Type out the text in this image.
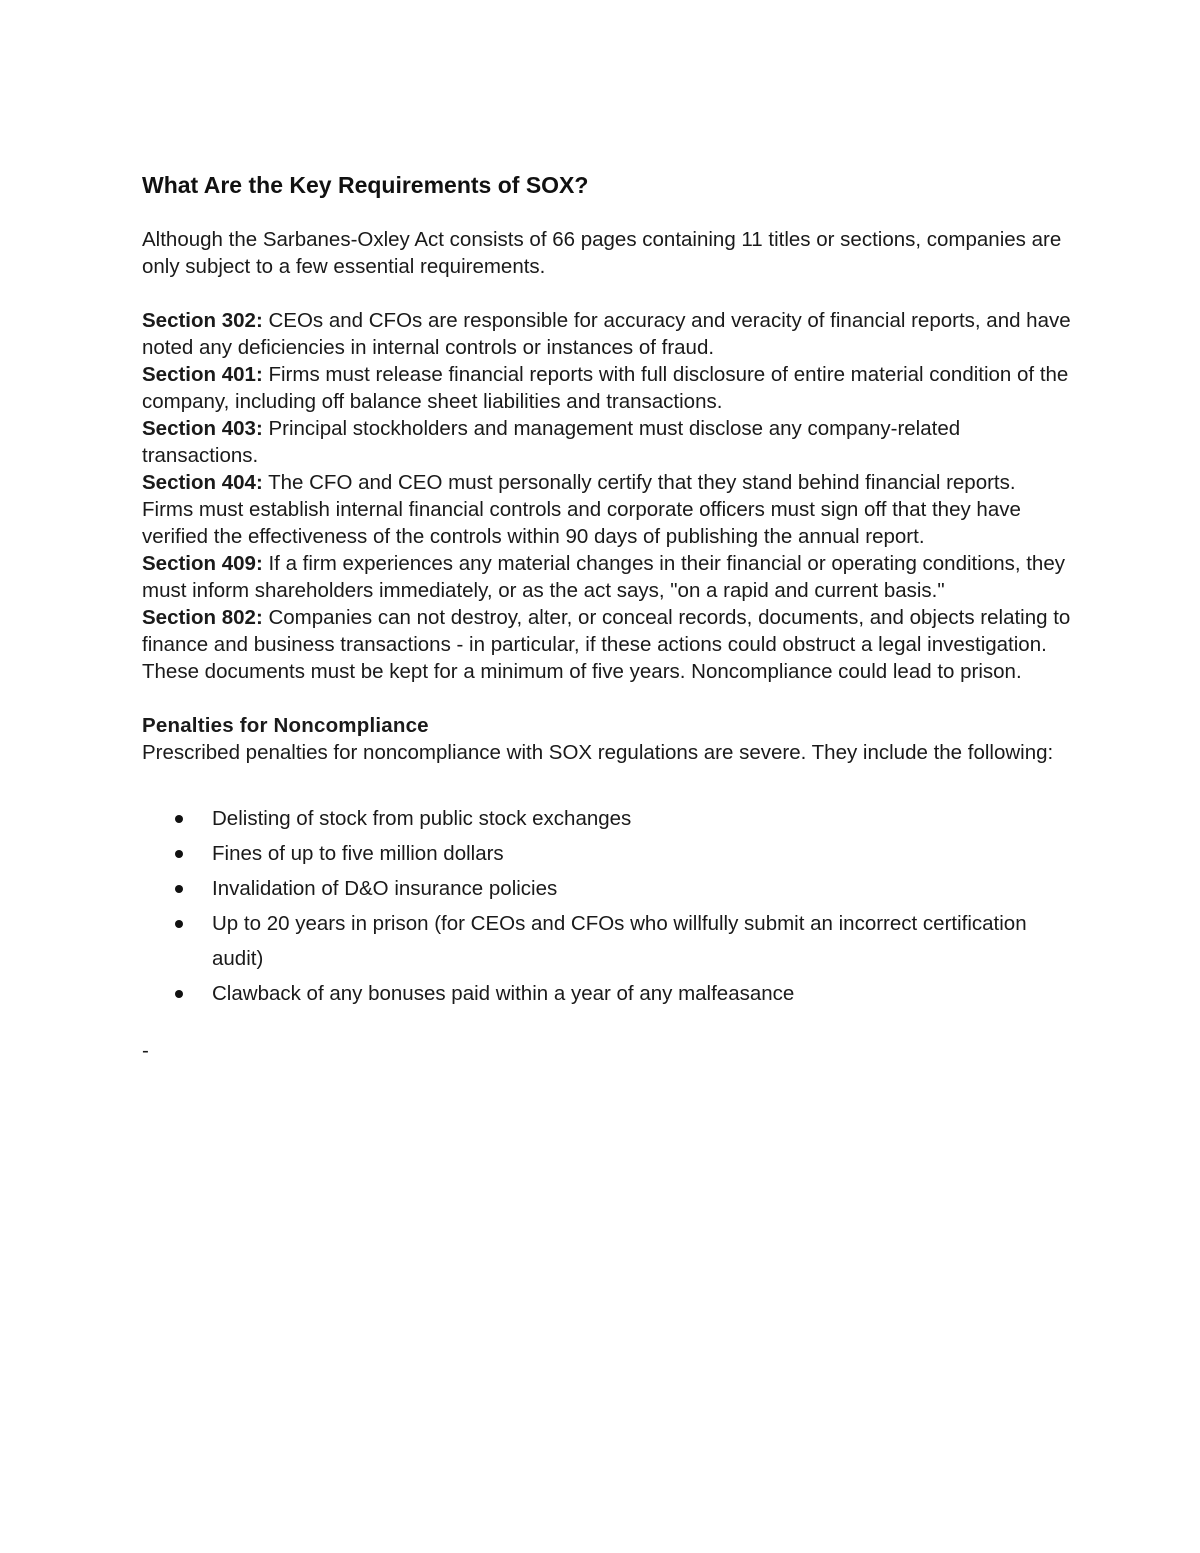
What Are the Key Requirements of SOX?
Although the Sarbanes-Oxley Act consists of 66 pages containing 11 titles or sections, companies are only subject to a few essential requirements.

Section 302: CEOs and CFOs are responsible for accuracy and veracity of financial reports, and have noted any deficiencies in internal controls or instances of fraud.

Section 401: Firms must release financial reports with full disclosure of entire material condition of the company, including off balance sheet liabilities and transactions.

Section 403: Principal stockholders and management must disclose any company-related transactions.

Section 404: The CFO and CEO must personally certify that they stand behind financial reports. Firms must establish internal financial controls and corporate officers must sign off that they have verified the effectiveness of the controls within 90 days of publishing the annual report.

Section 409: If a firm experiences any material changes in their financial or operating conditions, they must inform shareholders immediately, or as the act says, "on a rapid and current basis."

Section 802: Companies can not destroy, alter, or conceal records, documents, and objects relating to finance and business transactions - in particular, if these actions could obstruct a legal investigation. These documents must be kept for a minimum of five years. Noncompliance could lead to prison.

Penalties for Noncompliance
Prescribed penalties for noncompliance with SOX regulations are severe. They include the following:
Delisting of stock from public stock exchanges
Fines of up to five million dollars
Invalidation of D&O insurance policies
Up to 20 years in prison (for CEOs and CFOs who willfully submit an incorrect certification audit)
Clawback of any bonuses paid within a year of any malfeasance
-
